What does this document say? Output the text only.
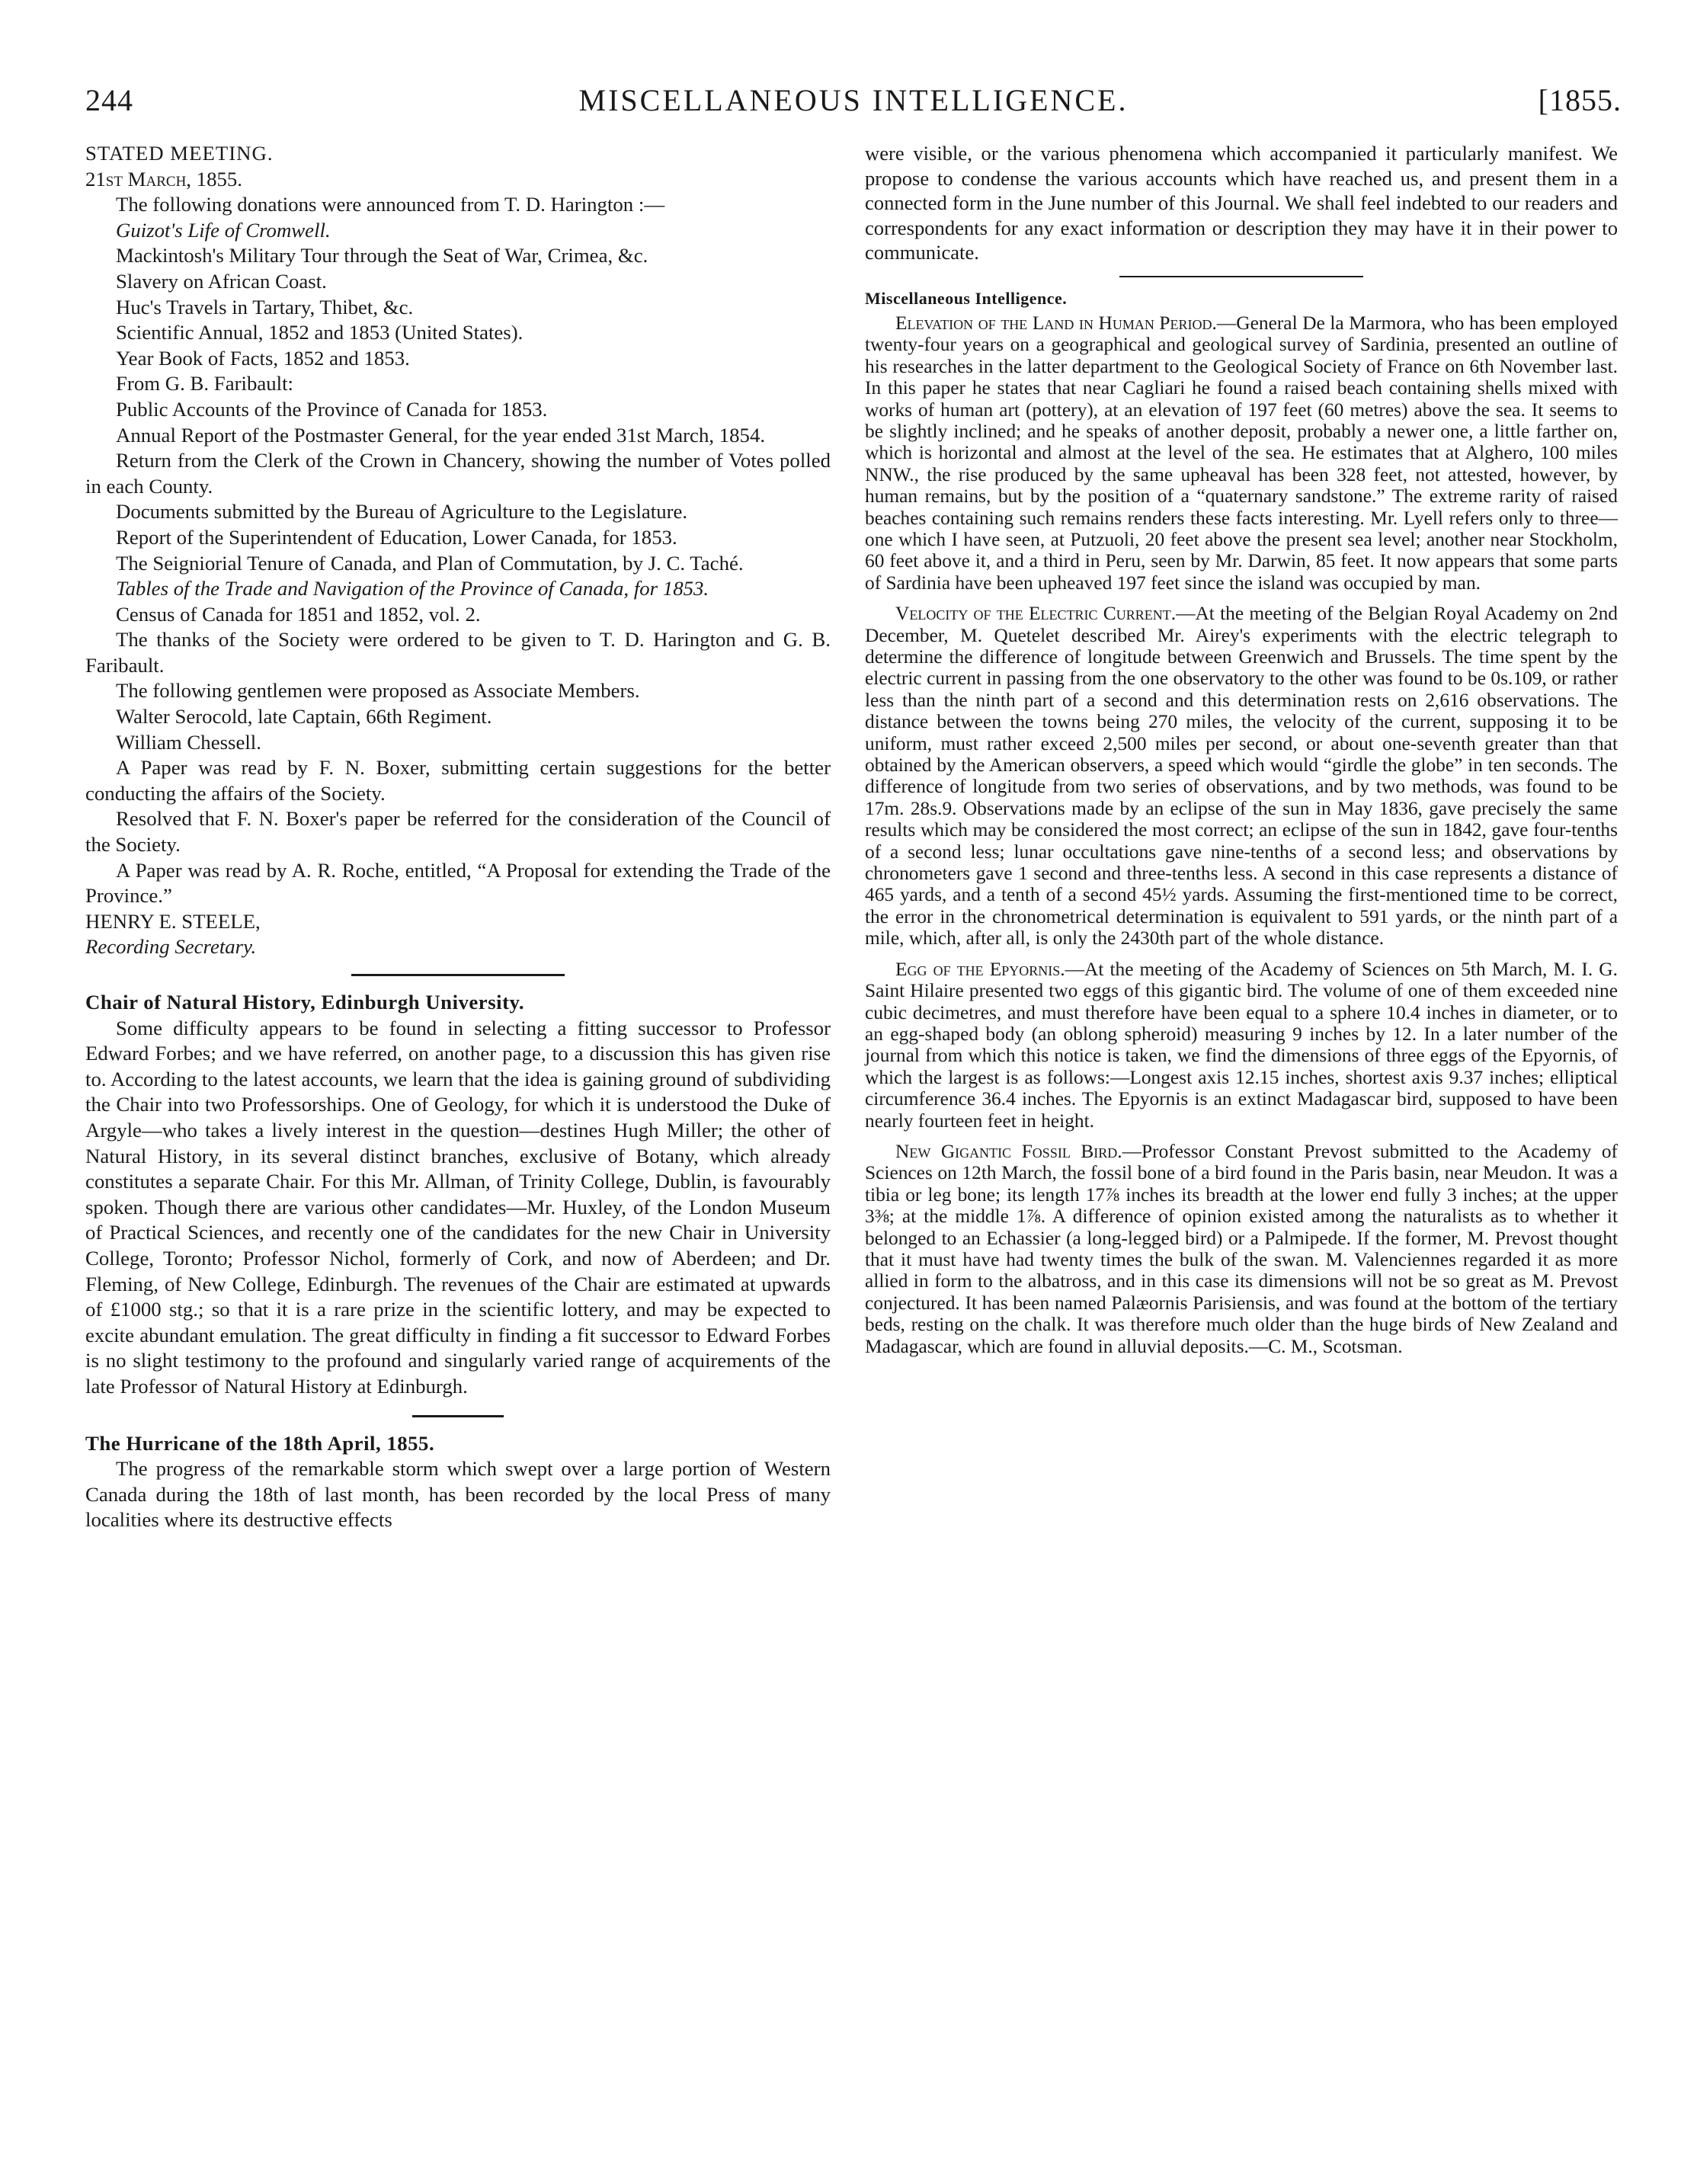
244	MISCELLANEOUS INTELLIGENCE.	[1855.

STATED MEETING.

21st March, 1855.

The following donations were announced from T. D. Harington :—

Guizot's Life of Cromwell.

Mackintosh's Military Tour through the Seat of War, Crimea, &c.

Slavery on African Coast.

Huc's Travels in Tartary, Thibet, &c.

Scientific Annual, 1852 and 1853 (United States).

Year Book of Facts, 1852 and 1853.

From G. B. Faribault:

Public Accounts of the Province of Canada for 1853.

Annual Report of the Postmaster General, for the year ended 31st March, 1854.

Return from the Clerk of the Crown in Chancery, showing the number of Votes polled in each County.

Documents submitted by the Bureau of Agriculture to the Legislature.

Report of the Superintendent of Education, Lower Canada, for 1853.

The Seigniorial Tenure of Canada, and Plan of Commutation, by J. C. Taché.

Tables of the Trade and Navigation of the Province of Canada, for 1853.

Census of Canada for 1851 and 1852, vol. 2.

The thanks of the Society were ordered to be given to T. D. Harington and G. B. Faribault.

The following gentlemen were proposed as Associate Members.

Walter Serocold, late Captain, 66th Regiment.

William Chessell.

A Paper was read by F. N. Boxer, submitting certain suggestions for the better conducting the affairs of the Society.

Resolved that F. N. Boxer's paper be referred for the consideration of the Council of the Society.

A Paper was read by A. R. Roche, entitled, “A Proposal for extending the Trade of the Province.”

HENRY E. STEELE,

Recording Secretary.

Chair of Natural History, Edinburgh University.

Some difficulty appears to be found in selecting a fitting successor to Professor Edward Forbes; and we have referred, on another page, to a discussion this has given rise to. According to the latest accounts, we learn that the idea is gaining ground of subdividing the Chair into two Professorships. One of Geology, for which it is understood the Duke of Argyle—who takes a lively interest in the question—destines Hugh Miller; the other of Natural History, in its several distinct branches, exclusive of Botany, which already constitutes a separate Chair. For this Mr. Allman, of Trinity College, Dublin, is favourably spoken. Though there are various other candidates—Mr. Huxley, of the London Museum of Practical Sciences, and recently one of the candidates for the new Chair in University College, Toronto; Professor Nichol, formerly of Cork, and now of Aberdeen; and Dr. Fleming, of New College, Edinburgh. The revenues of the Chair are estimated at upwards of £1000 stg.; so that it is a rare prize in the scientific lottery, and may be expected to excite abundant emulation. The great difficulty in finding a fit successor to Edward Forbes is no slight testimony to the profound and singularly varied range of acquirements of the late Professor of Natural History at Edinburgh.

The Hurricane of the 18th April, 1855.

The progress of the remarkable storm which swept over a large portion of Western Canada during the 18th of last month, has been recorded by the local Press of many localities where its destructive effects

were visible, or the various phenomena which accompanied it particularly manifest. We propose to condense the various accounts which have reached us, and present them in a connected form in the June number of this Journal. We shall feel indebted to our readers and correspondents for any exact information or description they may have it in their power to communicate.

Miscellaneous Intelligence.

Elevation of the Land in Human Period.—General De la Marmora, who has been employed twenty-four years on a geographical and geological survey of Sardinia, presented an outline of his researches in the latter department to the Geological Society of France on 6th November last. In this paper he states that near Cagliari he found a raised beach containing shells mixed with works of human art (pottery), at an elevation of 197 feet (60 metres) above the sea. It seems to be slightly inclined; and he speaks of another deposit, probably a newer one, a little farther on, which is horizontal and almost at the level of the sea. He estimates that at Alghero, 100 miles NNW., the rise produced by the same upheaval has been 328 feet, not attested, however, by human remains, but by the position of a “quaternary sandstone.” The extreme rarity of raised beaches containing such remains renders these facts interesting. Mr. Lyell refers only to three—one which I have seen, at Putzuoli, 20 feet above the present sea level; another near Stockholm, 60 feet above it, and a third in Peru, seen by Mr. Darwin, 85 feet. It now appears that some parts of Sardinia have been upheaved 197 feet since the island was occupied by man.

Velocity of the Electric Current.—At the meeting of the Belgian Royal Academy on 2nd December, M. Quetelet described Mr. Airey's experiments with the electric telegraph to determine the difference of longitude between Greenwich and Brussels. The time spent by the electric current in passing from the one observatory to the other was found to be 0s.109, or rather less than the ninth part of a second and this determination rests on 2,616 observations. The distance between the towns being 270 miles, the velocity of the current, supposing it to be uniform, must rather exceed 2,500 miles per second, or about one-seventh greater than that obtained by the American observers, a speed which would “girdle the globe” in ten seconds. The difference of longitude from two series of observations, and by two methods, was found to be 17m. 28s.9. Observations made by an eclipse of the sun in May 1836, gave precisely the same results which may be considered the most correct; an eclipse of the sun in 1842, gave four-tenths of a second less; lunar occultations gave nine-tenths of a second less; and observations by chronometers gave 1 second and three-tenths less. A second in this case represents a distance of 465 yards, and a tenth of a second 45½ yards. Assuming the first-mentioned time to be correct, the error in the chronometrical determination is equivalent to 591 yards, or the ninth part of a mile, which, after all, is only the 2430th part of the whole distance.

Egg of the Epyornis.—At the meeting of the Academy of Sciences on 5th March, M. I. G. Saint Hilaire presented two eggs of this gigantic bird. The volume of one of them exceeded nine cubic decimetres, and must therefore have been equal to a sphere 10.4 inches in diameter, or to an egg-shaped body (an oblong spheroid) measuring 9 inches by 12. In a later number of the journal from which this notice is taken, we find the dimensions of three eggs of the Epyornis, of which the largest is as follows:—Longest axis 12.15 inches, shortest axis 9.37 inches; elliptical circumference 36.4 inches. The Epyornis is an extinct Madagascar bird, supposed to have been nearly fourteen feet in height.

New Gigantic Fossil Bird.—Professor Constant Prevost submitted to the Academy of Sciences on 12th March, the fossil bone of a bird found in the Paris basin, near Meudon. It was a tibia or leg bone; its length 17⅞ inches its breadth at the lower end fully 3 inches; at the upper 3⅜; at the middle 1⅞. A difference of opinion existed among the naturalists as to whether it belonged to an Echassier (a long-legged bird) or a Palmipede. If the former, M. Prevost thought that it must have had twenty times the bulk of the swan. M. Valenciennes regarded it as more allied in form to the albatross, and in this case its dimensions will not be so great as M. Prevost conjectured. It has been named Palæornis Parisiensis, and was found at the bottom of the tertiary beds, resting on the chalk. It was therefore much older than the huge birds of New Zealand and Madagascar, which are found in alluvial deposits.—C. M., Scotsman.
